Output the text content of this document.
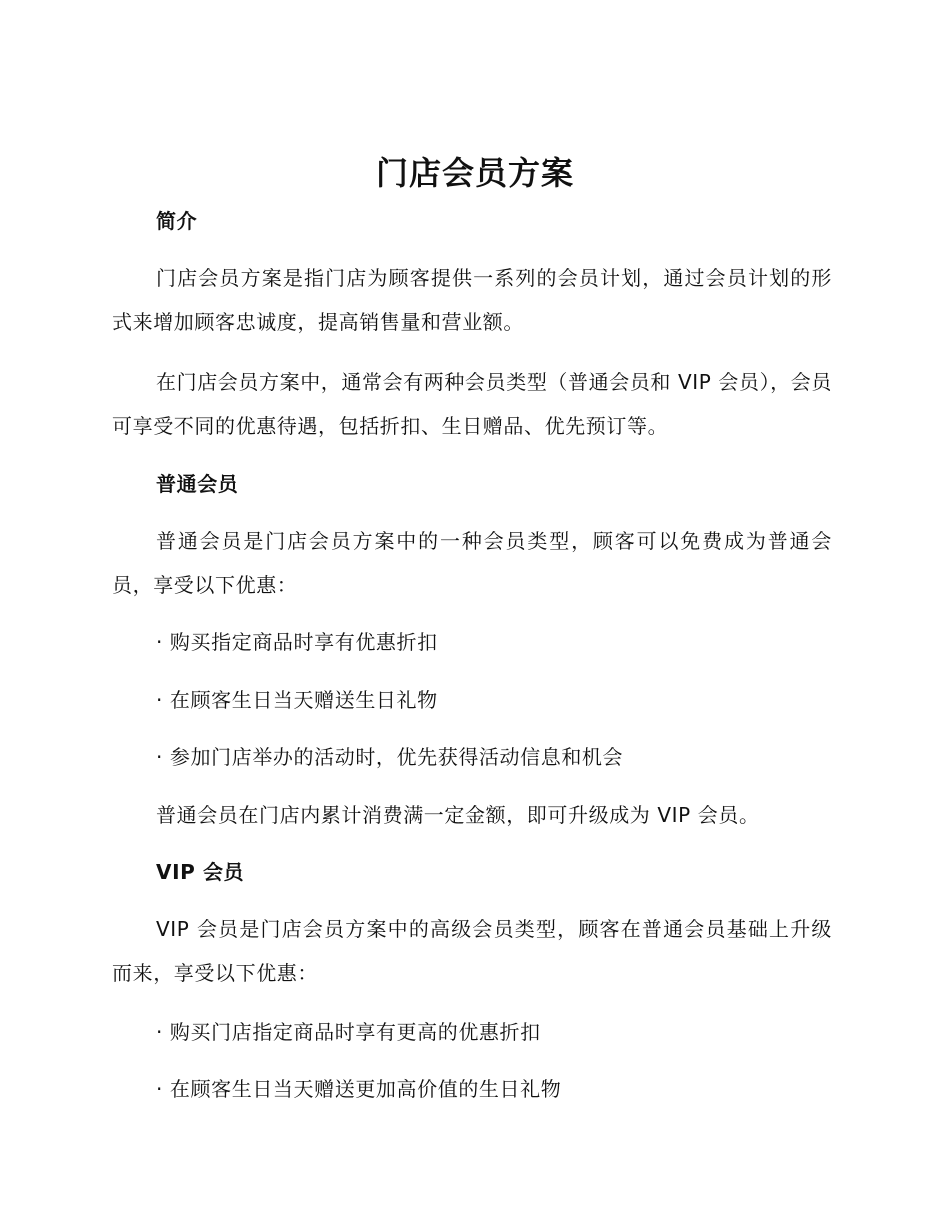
门店会员方案

简介

门店会员方案是指门店为顾客提供一系列的会员计划，通过会员计划的形式来增加顾客忠诚度，提高销售量和营业额。

在门店会员方案中，通常会有两种会员类型（普通会员和 VIP 会员），会员可享受不同的优惠待遇，包括折扣、生日赠品、优先预订等。

普通会员

普通会员是门店会员方案中的一种会员类型，顾客可以免费成为普通会员，享受以下优惠：

· 购买指定商品时享有优惠折扣

· 在顾客生日当天赠送生日礼物

· 参加门店举办的活动时，优先获得活动信息和机会

普通会员在门店内累计消费满一定金额，即可升级成为 VIP 会员。

VIP 会员

VIP 会员是门店会员方案中的高级会员类型，顾客在普通会员基础上升级而来，享受以下优惠：

· 购买门店指定商品时享有更高的优惠折扣

· 在顾客生日当天赠送更加高价值的生日礼物
